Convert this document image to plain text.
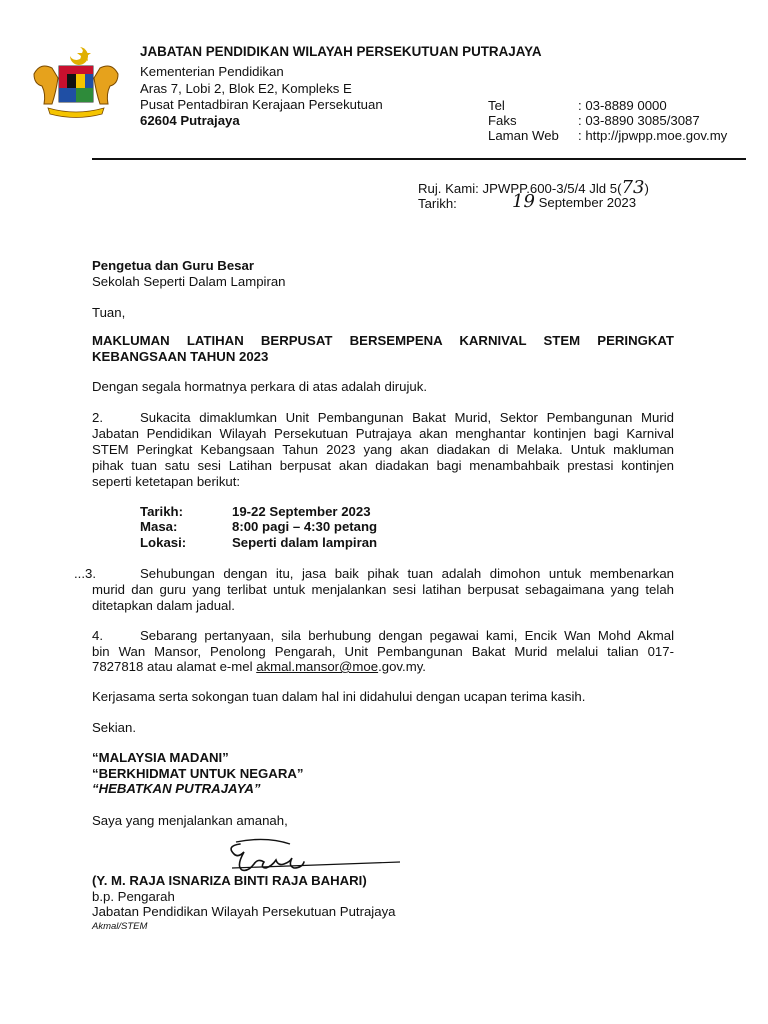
JABATAN PENDIDIKAN WILAYAH PERSEKUTUAN PUTRAJAYA
Kementerian Pendidikan
Aras 7, Lobi 2, Blok E2, Kompleks E
Pusat Pentadbiran Kerajaan Persekutuan
62604 Putrajaya
Tel	: 03-8889 0000
Faks	: 03-8890 3085/3087
Laman Web	: http://jpwpp.moe.gov.my
Ruj. Kami: JPWPP.600-3/5/4 Jld 5(73)
Tarikh:	19 September 2023
Pengetua dan Guru Besar
Sekolah Seperti Dalam Lampiran
Tuan,
MAKLUMAN LATIHAN BERPUSAT BERSEMPENA KARNIVAL STEM PERINGKAT
KEBANGSAAN TAHUN 2023
Dengan segala hormatnya perkara di atas adalah dirujuk.
2.	Sukacita dimaklumkan Unit Pembangunan Bakat Murid, Sektor Pembangunan Murid
Jabatan Pendidikan Wilayah Persekutuan Putrajaya akan menghantar kontinjen bagi Karnival
STEM Peringkat Kebangsaan Tahun 2023 yang akan diadakan di Melaka. Untuk makluman
pihak tuan satu sesi Latihan berpusat akan diadakan bagi menambahbaik prestasi kontinjen
seperti ketetapan berikut:
Tarikh:	19-22 September 2023
Masa:	8:00 pagi – 4:30 petang
Lokasi:	Seperti dalam lampiran
...3.	Sehubungan dengan itu, jasa baik pihak tuan adalah dimohon untuk membenarkan
murid dan guru yang terlibat untuk menjalankan sesi latihan berpusat sebagaimana yang telah
ditetapkan dalam jadual.
4.	Sebarang pertanyaan, sila berhubung dengan pegawai kami, Encik Wan Mohd Akmal
bin Wan Mansor, Penolong Pengarah, Unit Pembangunan Bakat Murid melalui talian 017-
7827818 atau alamat e-mel akmal.mansor@moe.gov.my.
Kerjasama serta sokongan tuan dalam hal ini didahului dengan ucapan terima kasih.
Sekian.
“MALAYSIA MADANI”
“BERKHIDMAT UNTUK NEGARA”
“HEBATKAN PUTRAJAYA”
Saya yang menjalankan amanah,
(Y. M. RAJA ISNARIZA BINTI RAJA BAHARI)
b.p. Pengarah
Jabatan Pendidikan Wilayah Persekutuan Putrajaya
Akmal/STEM
